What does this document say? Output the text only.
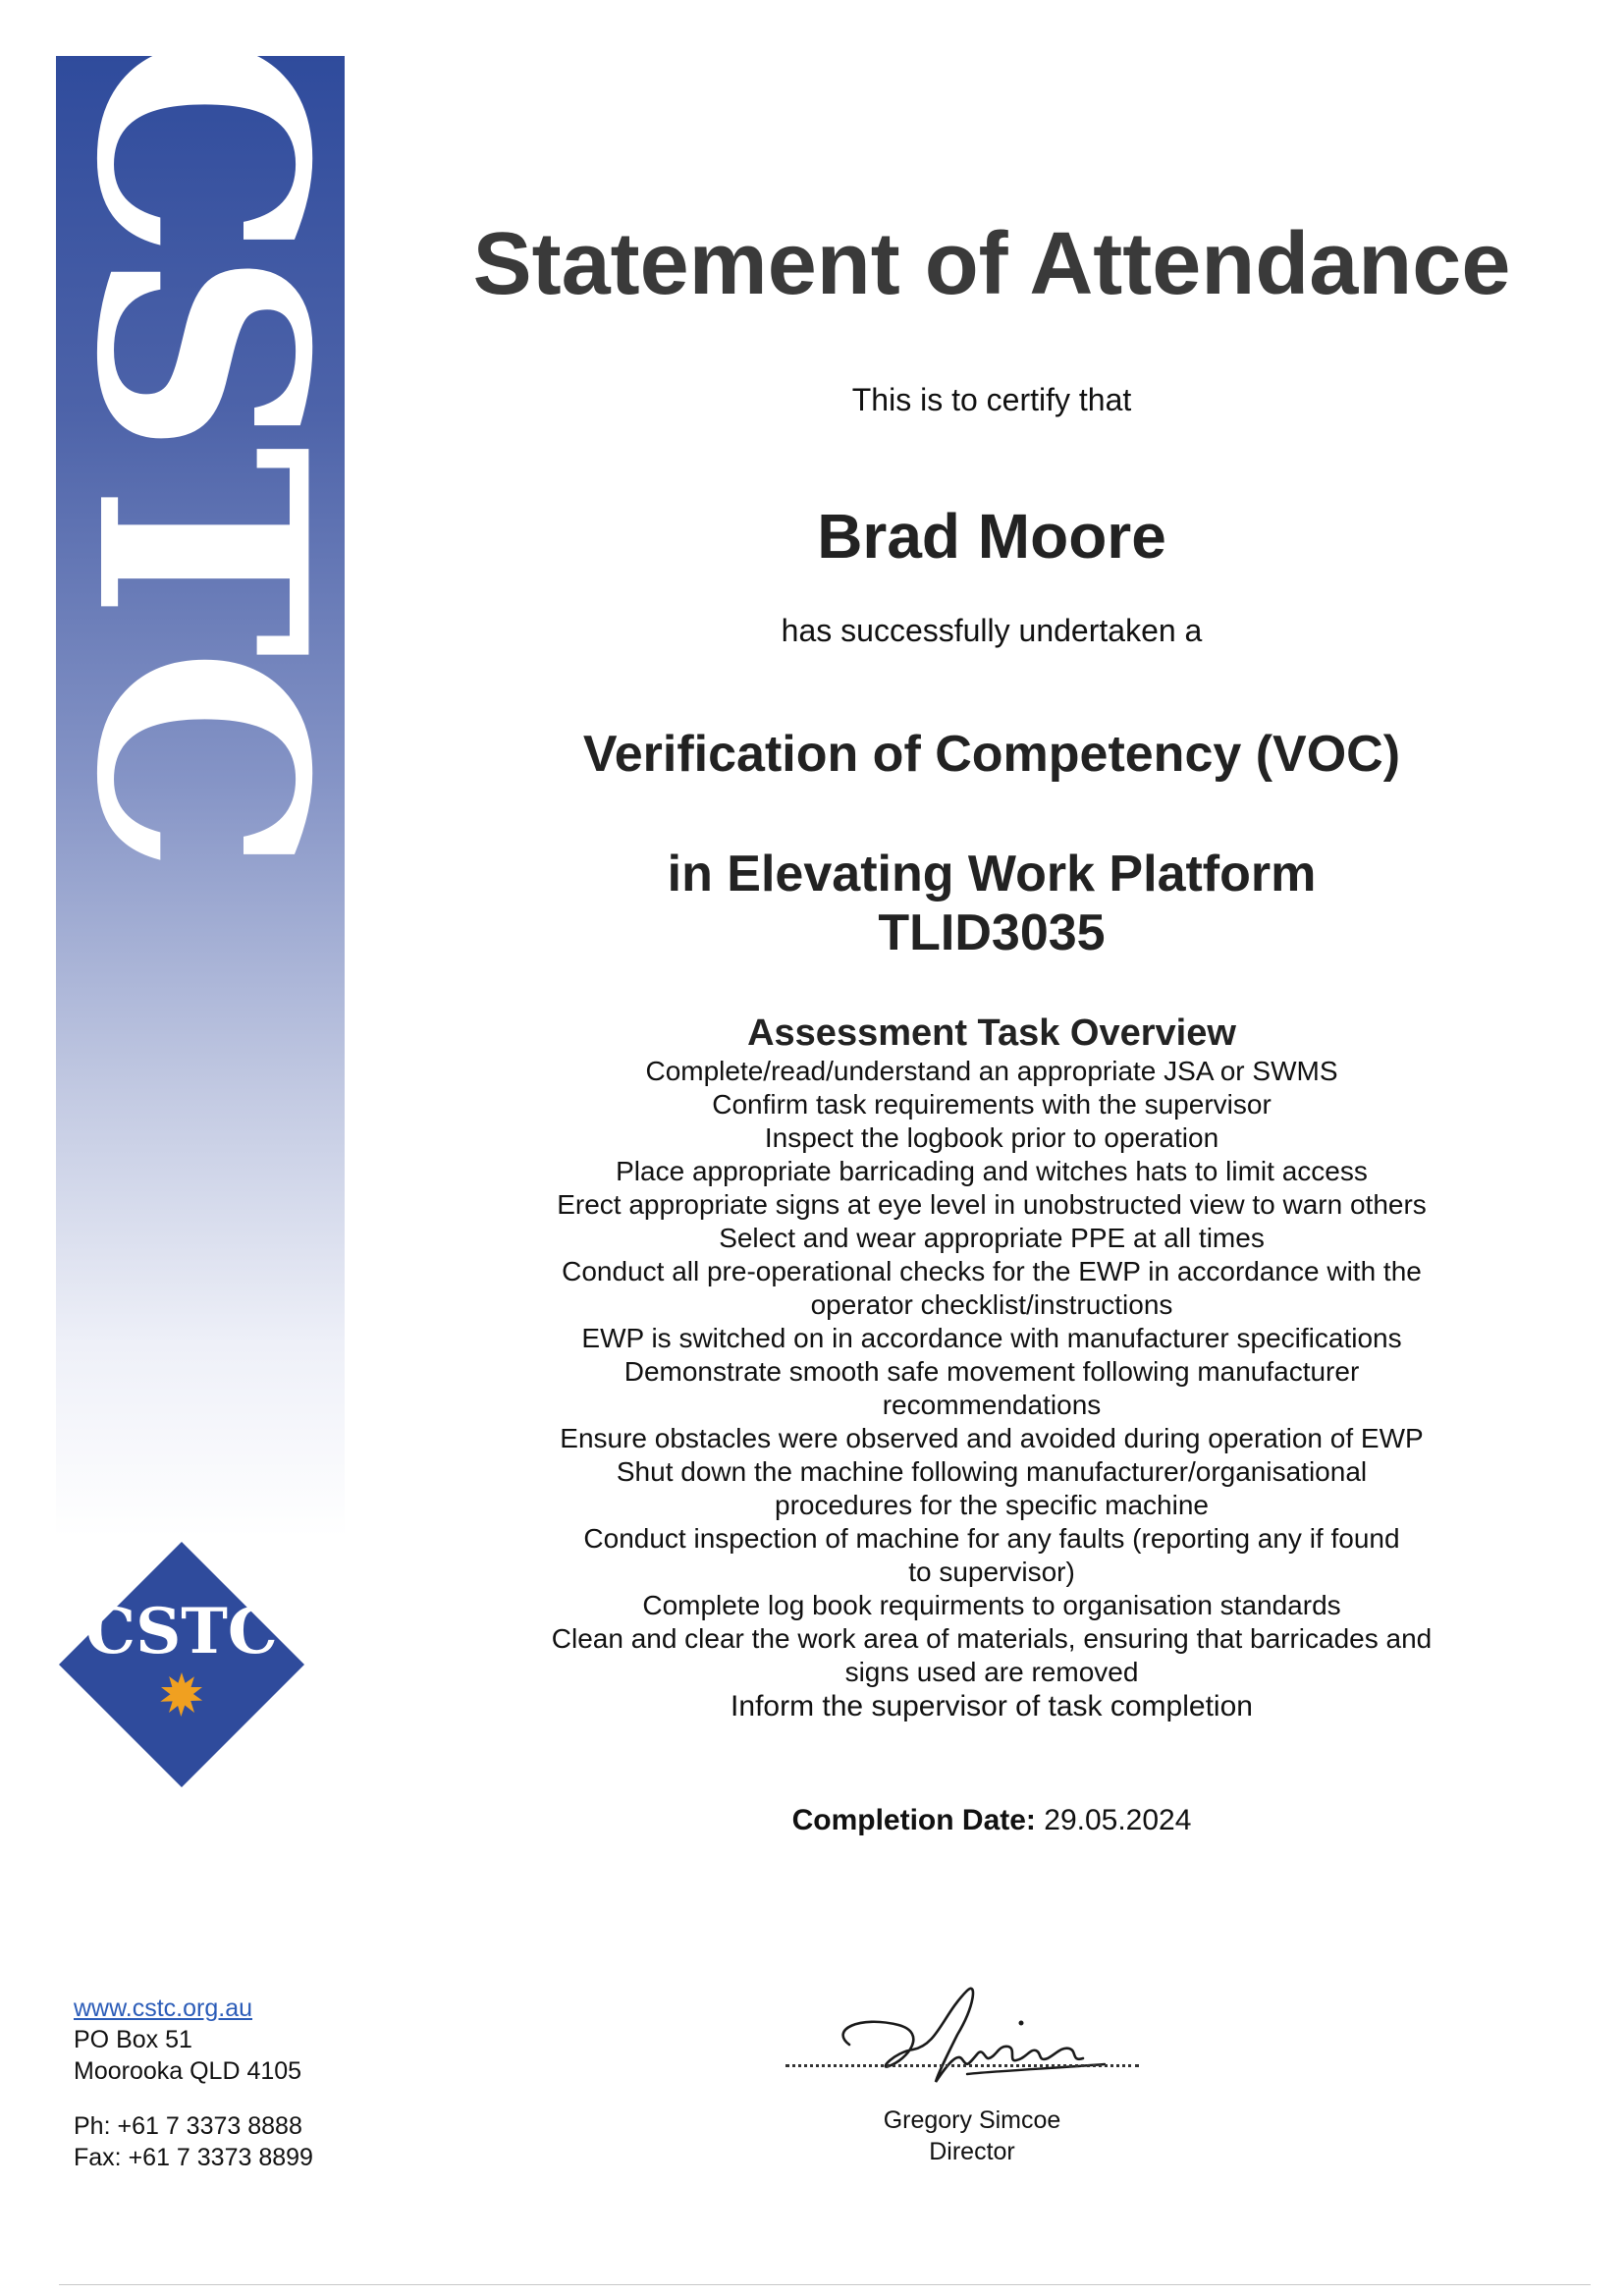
CSTC
CSTC
Statement of Attendance
This is to certify that
Brad Moore
has successfully undertaken a
Verification of Competency (VOC)
in Elevating Work Platform
TLID3035
Assessment Task Overview
Complete/read/understand an appropriate JSA or SWMS
Confirm task requirements with the supervisor
Inspect the logbook prior to operation
Place appropriate barricading and witches hats to limit access
Erect appropriate signs at eye level in unobstructed view to warn others
Select and wear appropriate PPE at all times
Conduct all pre-operational checks for the EWP in accordance with the operator checklist/instructions
EWP is switched on in accordance with manufacturer specifications
Demonstrate smooth safe movement following manufacturer recommendations
Ensure obstacles were observed and avoided during operation of EWP
Shut down the machine following manufacturer/organisational procedures for the specific machine
Conduct inspection of machine for any faults (reporting any if found to supervisor)
Complete log book requirments to organisation standards
Clean and clear the work area of materials, ensuring that barricades and signs used are removed
Inform the supervisor of task completion
Completion Date: 29.05.2024
www.cstc.org.au
PO Box 51
Moorooka QLD 4105
Ph: +61 7 3373 8888
Fax: +61 7 3373 8899
Gregory Simcoe
Director
